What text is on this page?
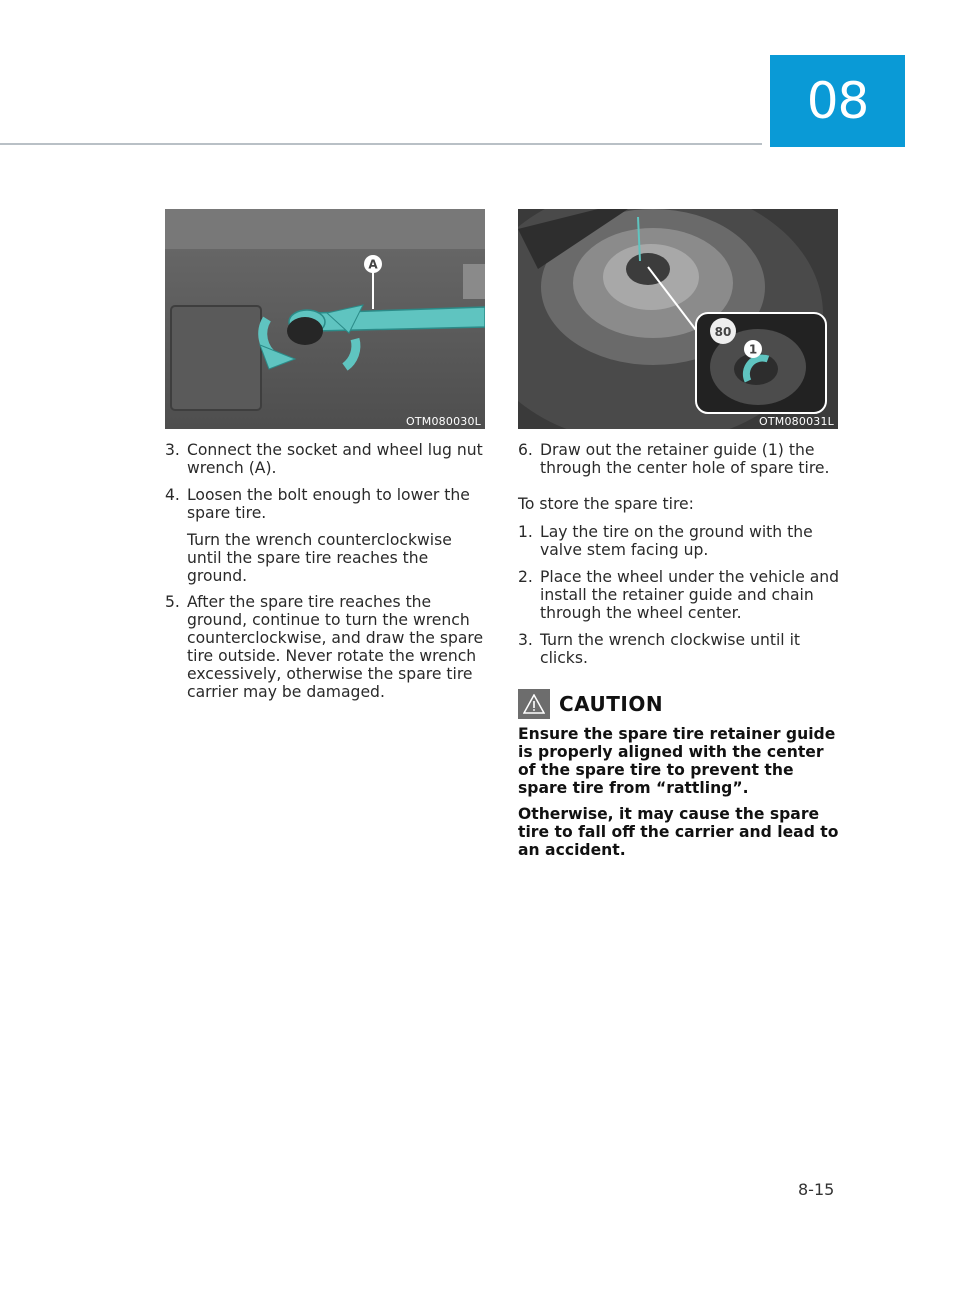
08
A
OTM080030L
80
1
OTM080031L
3. Connect the socket and wheel lug nut wrench (A).
4. Loosen the bolt enough to lower the spare tire.

Turn the wrench counterclockwise until the spare tire reaches the ground.

5. After the spare tire reaches the ground, continue to turn the wrench counterclockwise, and draw the spare tire outside. Never rotate the wrench excessively, otherwise the spare tire carrier may be damaged.
6. Draw out the retainer guide (1) the through the center hole of spare tire.

To store the spare tire:

1. Lay the tire on the ground with the valve stem facing up.
2. Place the wheel under the vehicle and install the retainer guide and chain through the wheel center.
3. Turn the wrench clockwise until it clicks.
CAUTION

Ensure the spare tire retainer guide is properly aligned with the center of the spare tire to prevent the spare tire from “rattling”.

Otherwise, it may cause the spare tire to fall off the carrier and lead to an accident.

8-15
